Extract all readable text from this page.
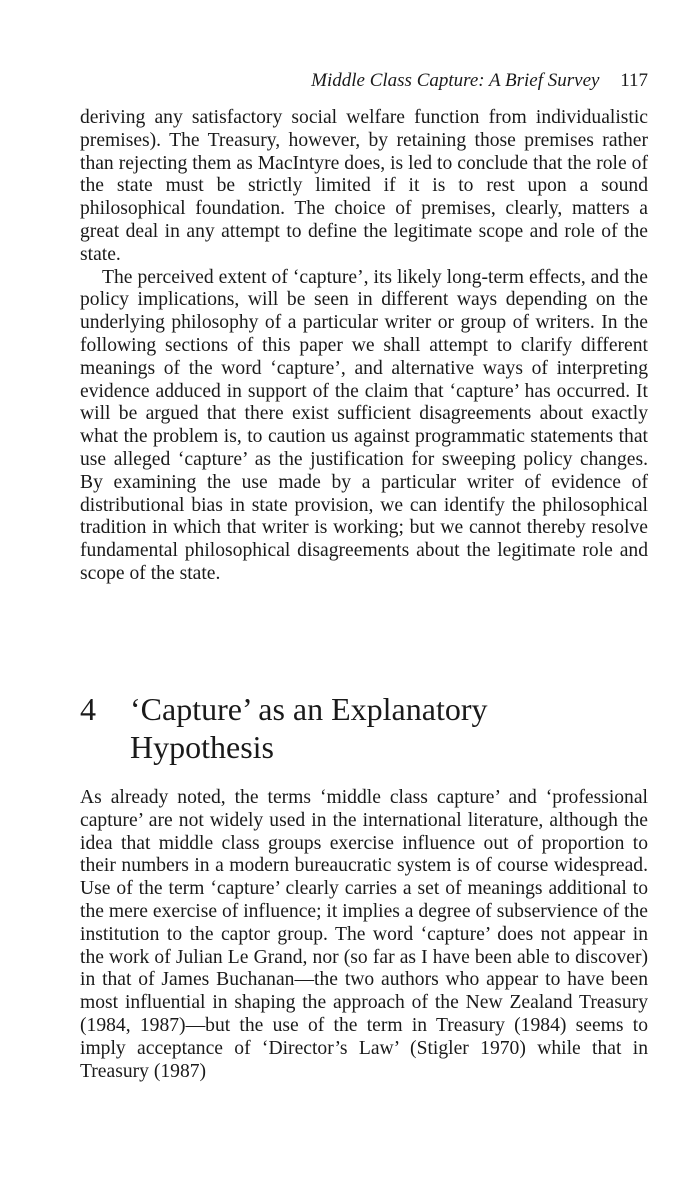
Middle Class Capture: A Brief Survey 117

deriving any satisfactory social welfare function from individualistic premises). The Treasury, however, by retaining those premises rather than rejecting them as MacIntyre does, is led to conclude that the role of the state must be strictly limited if it is to rest upon a sound philosophical foundation. The choice of premises, clearly, matters a great deal in any attempt to define the legitimate scope and role of the state.

The perceived extent of ‘capture’, its likely long-term effects, and the policy implications, will be seen in different ways depending on the underlying philosophy of a particular writer or group of writers. In the following sections of this paper we shall attempt to clarify different meanings of the word ‘capture’, and alternative ways of interpreting evidence adduced in support of the claim that ‘capture’ has occurred. It will be argued that there exist sufficient disagreements about exactly what the problem is, to caution us against programmatic statements that use alleged ‘capture’ as the justification for sweeping policy changes. By examining the use made by a particular writer of evidence of distributional bias in state provision, we can identify the philosophical tradition in which that writer is working; but we cannot thereby resolve fundamental philosophical disagreements about the legitimate role and scope of the state.

4 ‘Capture’ as an Explanatory Hypothesis

As already noted, the terms ‘middle class capture’ and ‘professional capture’ are not widely used in the international literature, although the idea that middle class groups exercise influence out of proportion to their numbers in a modern bureaucratic system is of course widespread. Use of the term ‘capture’ clearly carries a set of meanings additional to the mere exercise of influence; it implies a degree of subservience of the institution to the captor group. The word ‘capture’ does not appear in the work of Julian Le Grand, nor (so far as I have been able to discover) in that of James Buchanan—the two authors who appear to have been most influential in shaping the approach of the New Zealand Treasury (1984, 1987)—but the use of the term in Treasury (1984) seems to imply acceptance of ‘Director’s Law’ (Stigler 1970) while that in Treasury (1987)
